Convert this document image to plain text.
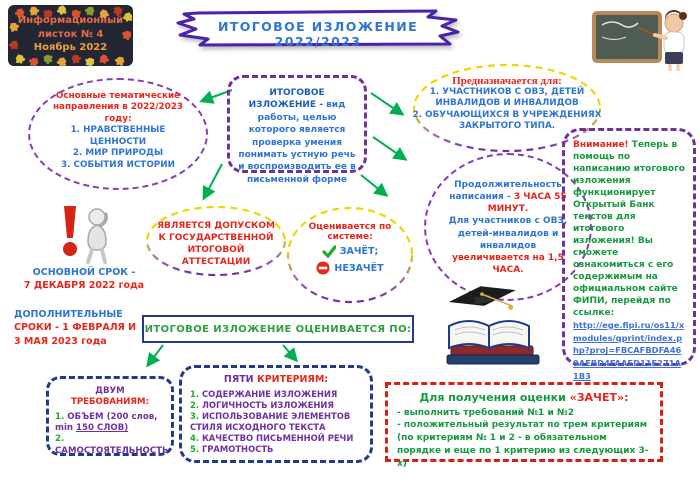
Информационный
листок № 4
Ноябрь 2022
ИТОГОВОЕ ИЗЛОЖЕНИЕ 2022/2023
Основные тематические направления в 2022/2023 году:
1. НРАВСТВЕННЫЕ ЦЕННОСТИ
2. МИР ПРИРОДЫ
3. СОБЫТИЯ ИСТОРИИ
ИТОГОВОЕ ИЗЛОЖЕНИЕ - вид работы, целью которого является проверка умения понимать устную речь и воспроизводить ее в письменной форме
Предназначается для:
1. УЧАСТНИКОВ С ОВЗ, ДЕТЕЙ ИНВАЛИДОВ И ИНВАЛИДОВ
2. ОБУЧАЮЩИХСЯ В УЧРЕЖДЕНИЯХ ЗАКРЫТОГО ТИПА.
Продолжительность написания - 3 ЧАСА 55 МИНУТ.
Для участников с ОВЗ, детей-инвалидов и инвалидов
увеличивается на 1,5 ЧАСА.
Внимание! Теперь в помощь по написанию итогового изложения функционирует Открытый Банк текстов для итогового изложения! Вы сможете ознакомиться с его содержимым на официальном сайте ФИПИ, перейдя по ссылке:
http://ege.fipi.ru/os11/xmodules/qprint/index.php?proj=FBCAFBDFA469AEBD4FAAED11E271A1B3
ОСНОВНОЙ СРОК -
7 ДЕКАБРЯ 2022 года
ДОПОЛНИТЕЛЬНЫЕ
СРОКИ - 1 ФЕВРАЛЯ И 3 МАЯ 2023 года
ЯВЛЯЕТСЯ ДОПУСКОМ К ГОСУДАРСТВЕННОЙ ИТОГОВОЙ АТТЕСТАЦИИ
Оценивается по системе:
ЗАЧЁТ;
НЕЗАЧЁТ
ИТОГОВОЕ ИЗЛОЖЕНИЕ ОЦЕНИВАЕТСЯ ПО:
ДВУМ ТРЕБОВАНИЯМ:
1. ОБЪЕМ (200 слов, min 150 СЛОВ)
2. САМОСТОЯТЕЛЬНОСТЬ
ПЯТИ КРИТЕРИЯМ:
1. СОДЕРЖАНИЕ ИЗЛОЖЕНИЯ
2. ЛОГИЧНОСТЬ ИЗЛОЖЕНИЯ
3. ИСПОЛЬЗОВАНИЕ ЭЛЕМЕНТОВ СТИЛЯ ИСХОДНОГО ТЕКСТА
4. КАЧЕСТВО ПИСЬМЕННОЙ РЕЧИ
5. ГРАМОТНОСТЬ
Для получения оценки «ЗАЧЕТ»:
- выполнить требований №1 и №2
- положительный результат по трем критериям (по критериям № 1 и 2 - в обязательном порядке и еще по 1 критерию из следующих 3-х)
